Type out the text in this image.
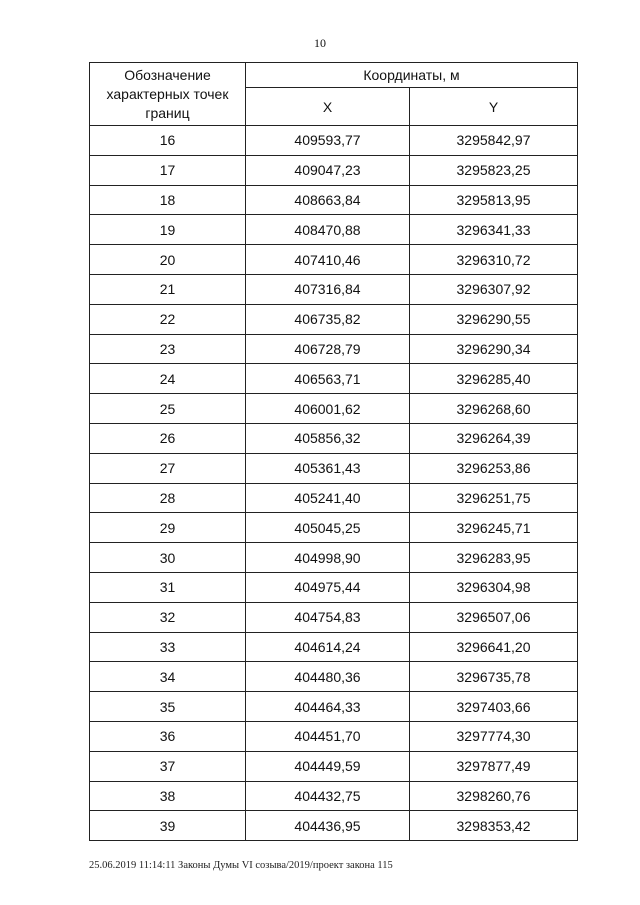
10
Обозначение характерных точек границ	Координаты, м	
	X	Y
16	409593,77	3295842,97
17	409047,23	3295823,25
18	408663,84	3295813,95
19	408470,88	3296341,33
20	407410,46	3296310,72
21	407316,84	3296307,92
22	406735,82	3296290,55
23	406728,79	3296290,34
24	406563,71	3296285,40
25	406001,62	3296268,60
26	405856,32	3296264,39
27	405361,43	3296253,86
28	405241,40	3296251,75
29	405045,25	3296245,71
30	404998,90	3296283,95
31	404975,44	3296304,98
32	404754,83	3296507,06
33	404614,24	3296641,20
34	404480,36	3296735,78
35	404464,33	3297403,66
36	404451,70	3297774,30
37	404449,59	3297877,49
38	404432,75	3298260,76
39	404436,95	3298353,42
25.06.2019 11:14:11 Законы Думы VI созыва/2019/проект закона 115
